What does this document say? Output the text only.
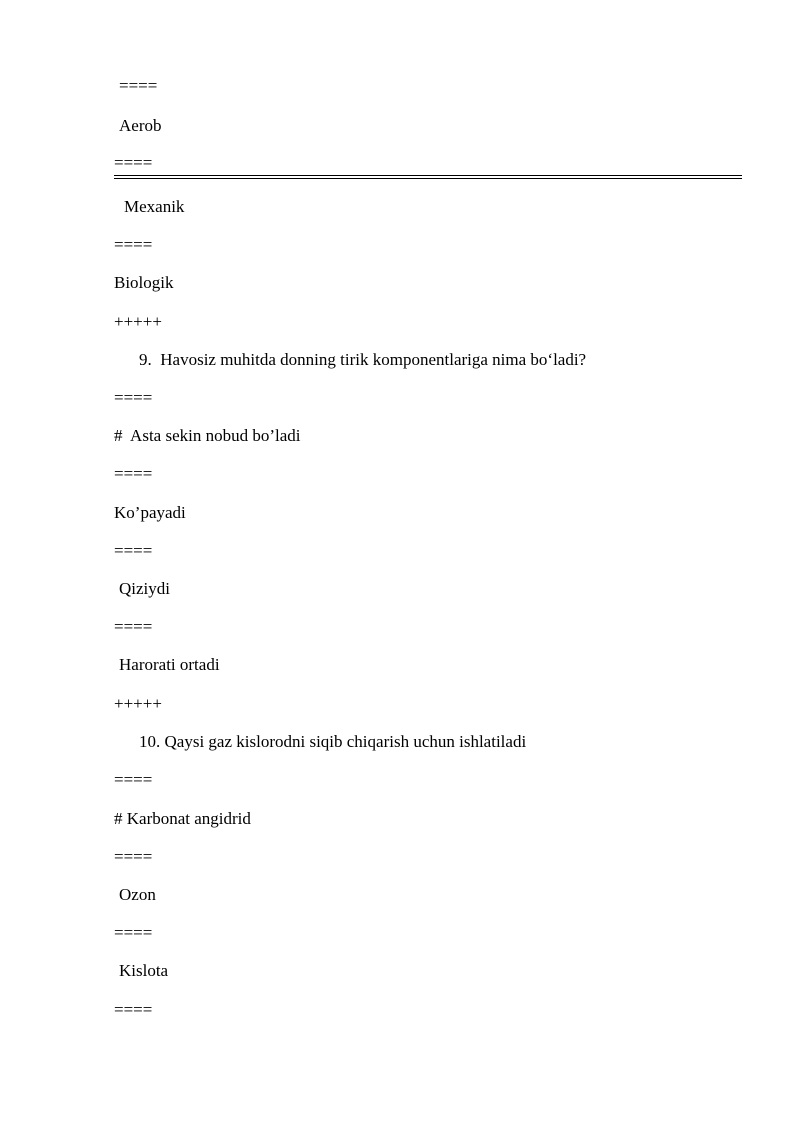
====
Aerob
====
Mexanik
====
Biologik
+++++
9.  Havosiz muhitda donning tirik komponentlariga nima boʻladi?
====
#  Asta sekin nobud bo’ladi
====
Ko’payadi
====
Qiziydi
====
Harorati ortadi
+++++
10. Qaysi gaz kislorodni siqib chiqarish uchun ishlatiladi
====
# Karbonat angidrid
====
Ozon
====
Kislota
====
